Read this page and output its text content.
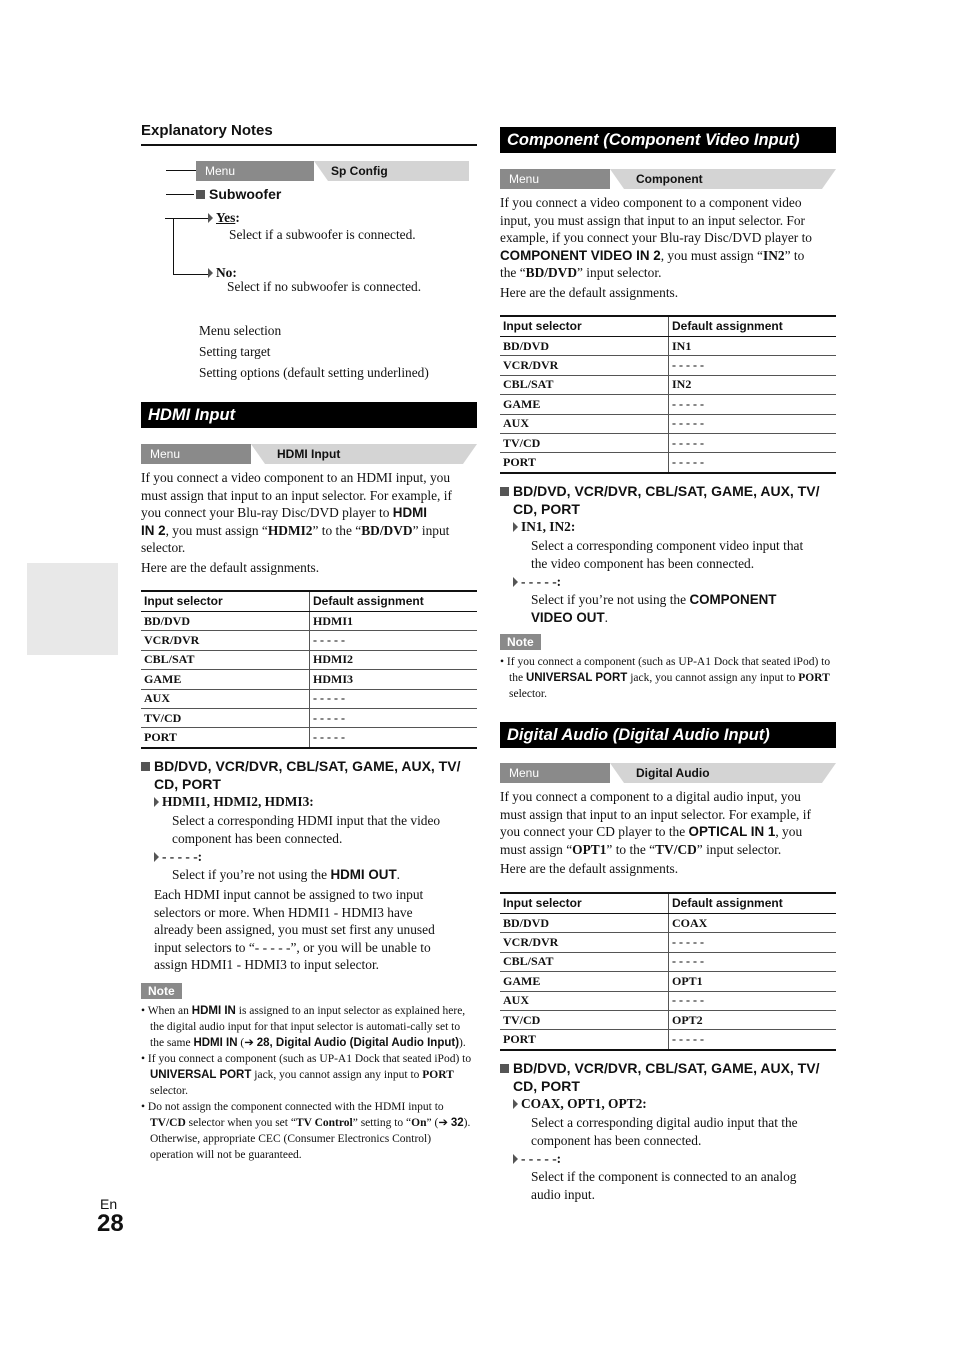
Explanatory Notes
Menu	Sp Config
Subwoofer
Yes:
Select if a subwoofer is connected.
No:
Select if no subwoofer is connected.
Menu selection
Setting target
Setting options (default setting underlined)
HDMI Input
Menu	HDMI Input
If you connect a video component to an HDMI input, you
must assign that input to an input selector. For example, if
you connect your Blu-ray Disc/DVD player to HDMI
IN 2, you must assign “HDMI2” to the “BD/DVD” input
selector.
Here are the default assignments.
Input selector	Default assignment
BD/DVD	HDMI1
VCR/DVR	- - - - -
CBL/SAT	HDMI2
GAME	HDMI3
AUX	- - - - -
TV/CD	- - - - -
PORT	- - - - -
BD/DVD, VCR/DVR, CBL/SAT, GAME, AUX, TV/
CD, PORT
HDMI1, HDMI2, HDMI3:
Select a corresponding HDMI input that the video
component has been connected.
- - - - -:
Select if you’re not using the HDMI OUT.
Each HDMI input cannot be assigned to two input
selectors or more. When HDMI1 - HDMI3 have
already been assigned, you must set first any unused
input selectors to “- - - - -”, or you will be unable to
assign HDMI1 - HDMI3 to input selector.
Note
• When an HDMI IN is assigned to an input selector as explained here, the digital audio input for that input selector is automati-cally set to the same HDMI IN (➔ 28, Digital Audio (Digital Audio Input)).
• If you connect a component (such as UP-A1 Dock that seated iPod) to UNIVERSAL PORT jack, you cannot assign any input to PORT selector.
• Do not assign the component connected with the HDMI input to TV/CD selector when you set “TV Control” setting to “On” (➔ 32). Otherwise, appropriate CEC (Consumer Electronics Control) operation will not be guaranteed.
Component (Component Video Input)
Menu	Component
If you connect a video component to a component video
input, you must assign that input to an input selector. For
example, if you connect your Blu-ray Disc/DVD player to
COMPONENT VIDEO IN 2, you must assign “IN2” to
the “BD/DVD” input selector.
Here are the default assignments.
Input selector	Default assignment
BD/DVD	IN1
VCR/DVR	- - - - -
CBL/SAT	IN2
GAME	- - - - -
AUX	- - - - -
TV/CD	- - - - -
PORT	- - - - -
BD/DVD, VCR/DVR, CBL/SAT, GAME, AUX, TV/
CD, PORT
IN1, IN2:
Select a corresponding component video input that
the video component has been connected.
- - - - -:
Select if you’re not using the COMPONENT
VIDEO OUT.
Note
• If you connect a component (such as UP-A1 Dock that seated iPod) to the UNIVERSAL PORT jack, you cannot assign any input to PORT selector.
Digital Audio (Digital Audio Input)
Menu	Digital Audio
If you connect a component to a digital audio input, you
must assign that input to an input selector. For example, if
you connect your CD player to the OPTICAL IN 1, you
must assign “OPT1” to the “TV/CD” input selector.
Here are the default assignments.
Input selector	Default assignment
BD/DVD	COAX
VCR/DVR	- - - - -
CBL/SAT	- - - - -
GAME	OPT1
AUX	- - - - -
TV/CD	OPT2
PORT	- - - - -
BD/DVD, VCR/DVR, CBL/SAT, GAME, AUX, TV/
CD, PORT
COAX, OPT1, OPT2:
Select a corresponding digital audio input that the
component has been connected.
- - - - -:
Select if the component is connected to an analog
audio input.
En
28
